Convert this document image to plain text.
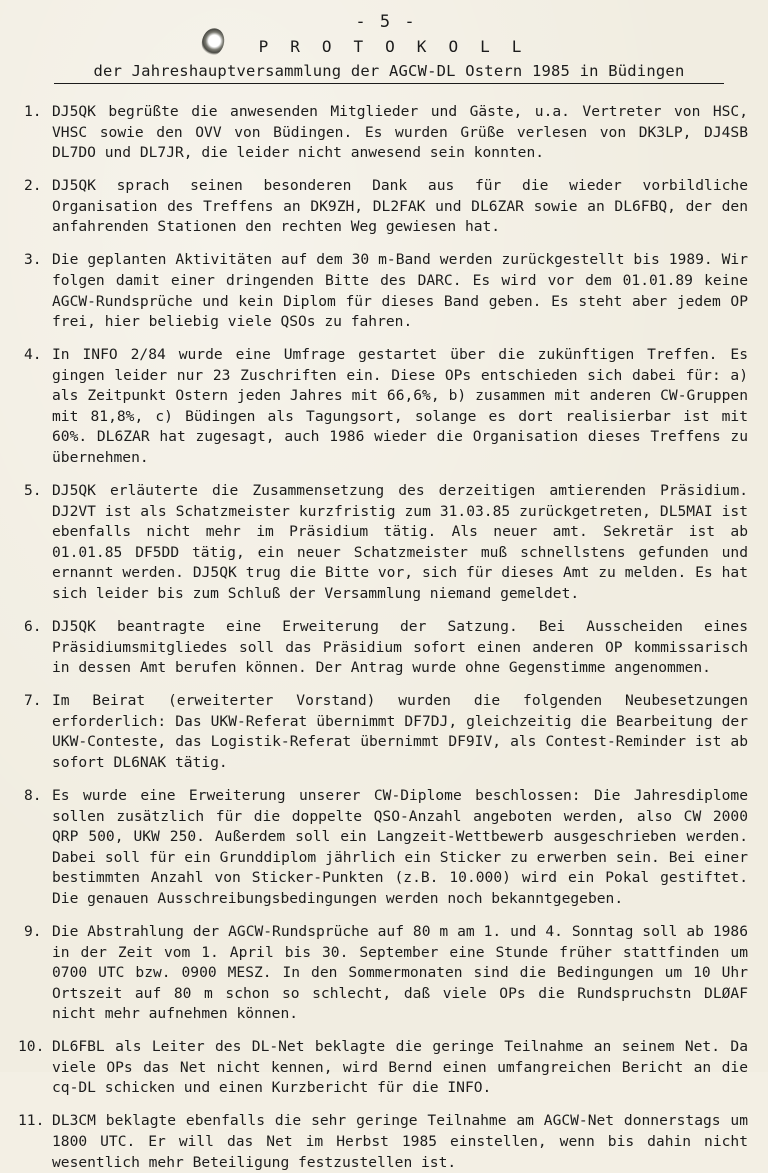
- 5 -
PROTOKOLL
der Jahreshauptversammlung der AGCW-DL Ostern 1985 in Büdingen
1. DJ5QK begrüßte die anwesenden Mitglieder und Gäste, u.a. Vertreter von HSC, VHSC sowie den OVV von Büdingen. Es wurden Grüße verlesen von DK3LP, DJ4SB DL7DO und DL7JR, die leider nicht anwesend sein konnten.
2. DJ5QK sprach seinen besonderen Dank aus für die wieder vorbildliche Organisation des Treffens an DK9ZH, DL2FAK und DL6ZAR sowie an DL6FBQ, der den anfahrenden Stationen den rechten Weg gewiesen hat.
3. Die geplanten Aktivitäten auf dem 30 m-Band werden zurückgestellt bis 1989. Wir folgen damit einer dringenden Bitte des DARC. Es wird vor dem 01.01.89 keine AGCW-Rundsprüche und kein Diplom für dieses Band geben. Es steht aber jedem OP frei, hier beliebig viele QSOs zu fahren.
4. In INFO 2/84 wurde eine Umfrage gestartet über die zukünftigen Treffen. Es gingen leider nur 23 Zuschriften ein. Diese OPs entschieden sich dabei für: a) als Zeitpunkt Ostern jeden Jahres mit 66,6%, b) zusammen mit anderen CW-Gruppen mit 81,8%, c) Büdingen als Tagungsort, solange es dort realisierbar ist mit 60%. DL6ZAR hat zugesagt, auch 1986 wieder die Organisation dieses Treffens zu übernehmen.
5. DJ5QK erläuterte die Zusammensetzung des derzeitigen amtierenden Präsidium. DJ2VT ist als Schatzmeister kurzfristig zum 31.03.85 zurückgetreten, DL5MAI ist ebenfalls nicht mehr im Präsidium tätig. Als neuer amt. Sekretär ist ab 01.01.85 DF5DD tätig, ein neuer Schatzmeister muß schnellstens gefunden und ernannt werden. DJ5QK trug die Bitte vor, sich für dieses Amt zu melden. Es hat sich leider bis zum Schluß der Versammlung niemand gemeldet.
6. DJ5QK beantragte eine Erweiterung der Satzung. Bei Ausscheiden eines Präsidiumsmitgliedes soll das Präsidium sofort einen anderen OP kommissarisch in dessen Amt berufen können. Der Antrag wurde ohne Gegenstimme angenommen.
7. Im Beirat (erweiterter Vorstand) wurden die folgenden Neubesetzungen erforderlich: Das UKW-Referat übernimmt DF7DJ, gleichzeitig die Bearbeitung der UKW-Conteste, das Logistik-Referat übernimmt DF9IV, als Contest-Reminder ist ab sofort DL6NAK tätig.
8. Es wurde eine Erweiterung unserer CW-Diplome beschlossen: Die Jahresdiplome sollen zusätzlich für die doppelte QSO-Anzahl angeboten werden, also CW 2000 QRP 500, UKW 250. Außerdem soll ein Langzeit-Wettbewerb ausgeschrieben werden. Dabei soll für ein Grunddiplom jährlich ein Sticker zu erwerben sein. Bei einer bestimmten Anzahl von Sticker-Punkten (z.B. 10.000) wird ein Pokal gestiftet. Die genauen Ausschreibungsbedingungen werden noch bekanntgegeben.
9. Die Abstrahlung der AGCW-Rundsprüche auf 80 m am 1. und 4. Sonntag soll ab 1986 in der Zeit vom 1. April bis 30. September eine Stunde früher stattfinden um 0700 UTC bzw. 0900 MESZ. In den Sommermonaten sind die Bedingungen um 10 Uhr Ortszeit auf 80 m schon so schlecht, daß viele OPs die Rundspruchstn DLØAF nicht mehr aufnehmen können.
10. DL6FBL als Leiter des DL-Net beklagte die geringe Teilnahme an seinem Net. Da viele OPs das Net nicht kennen, wird Bernd einen umfangreichen Bericht an die cq-DL schicken und einen Kurzbericht für die INFO.
11. DL3CM beklagte ebenfalls die sehr geringe Teilnahme am AGCW-Net donnerstags um 1800 UTC. Er will das Net im Herbst 1985 einstellen, wenn bis dahin nicht wesentlich mehr Beteiligung festzustellen ist.
